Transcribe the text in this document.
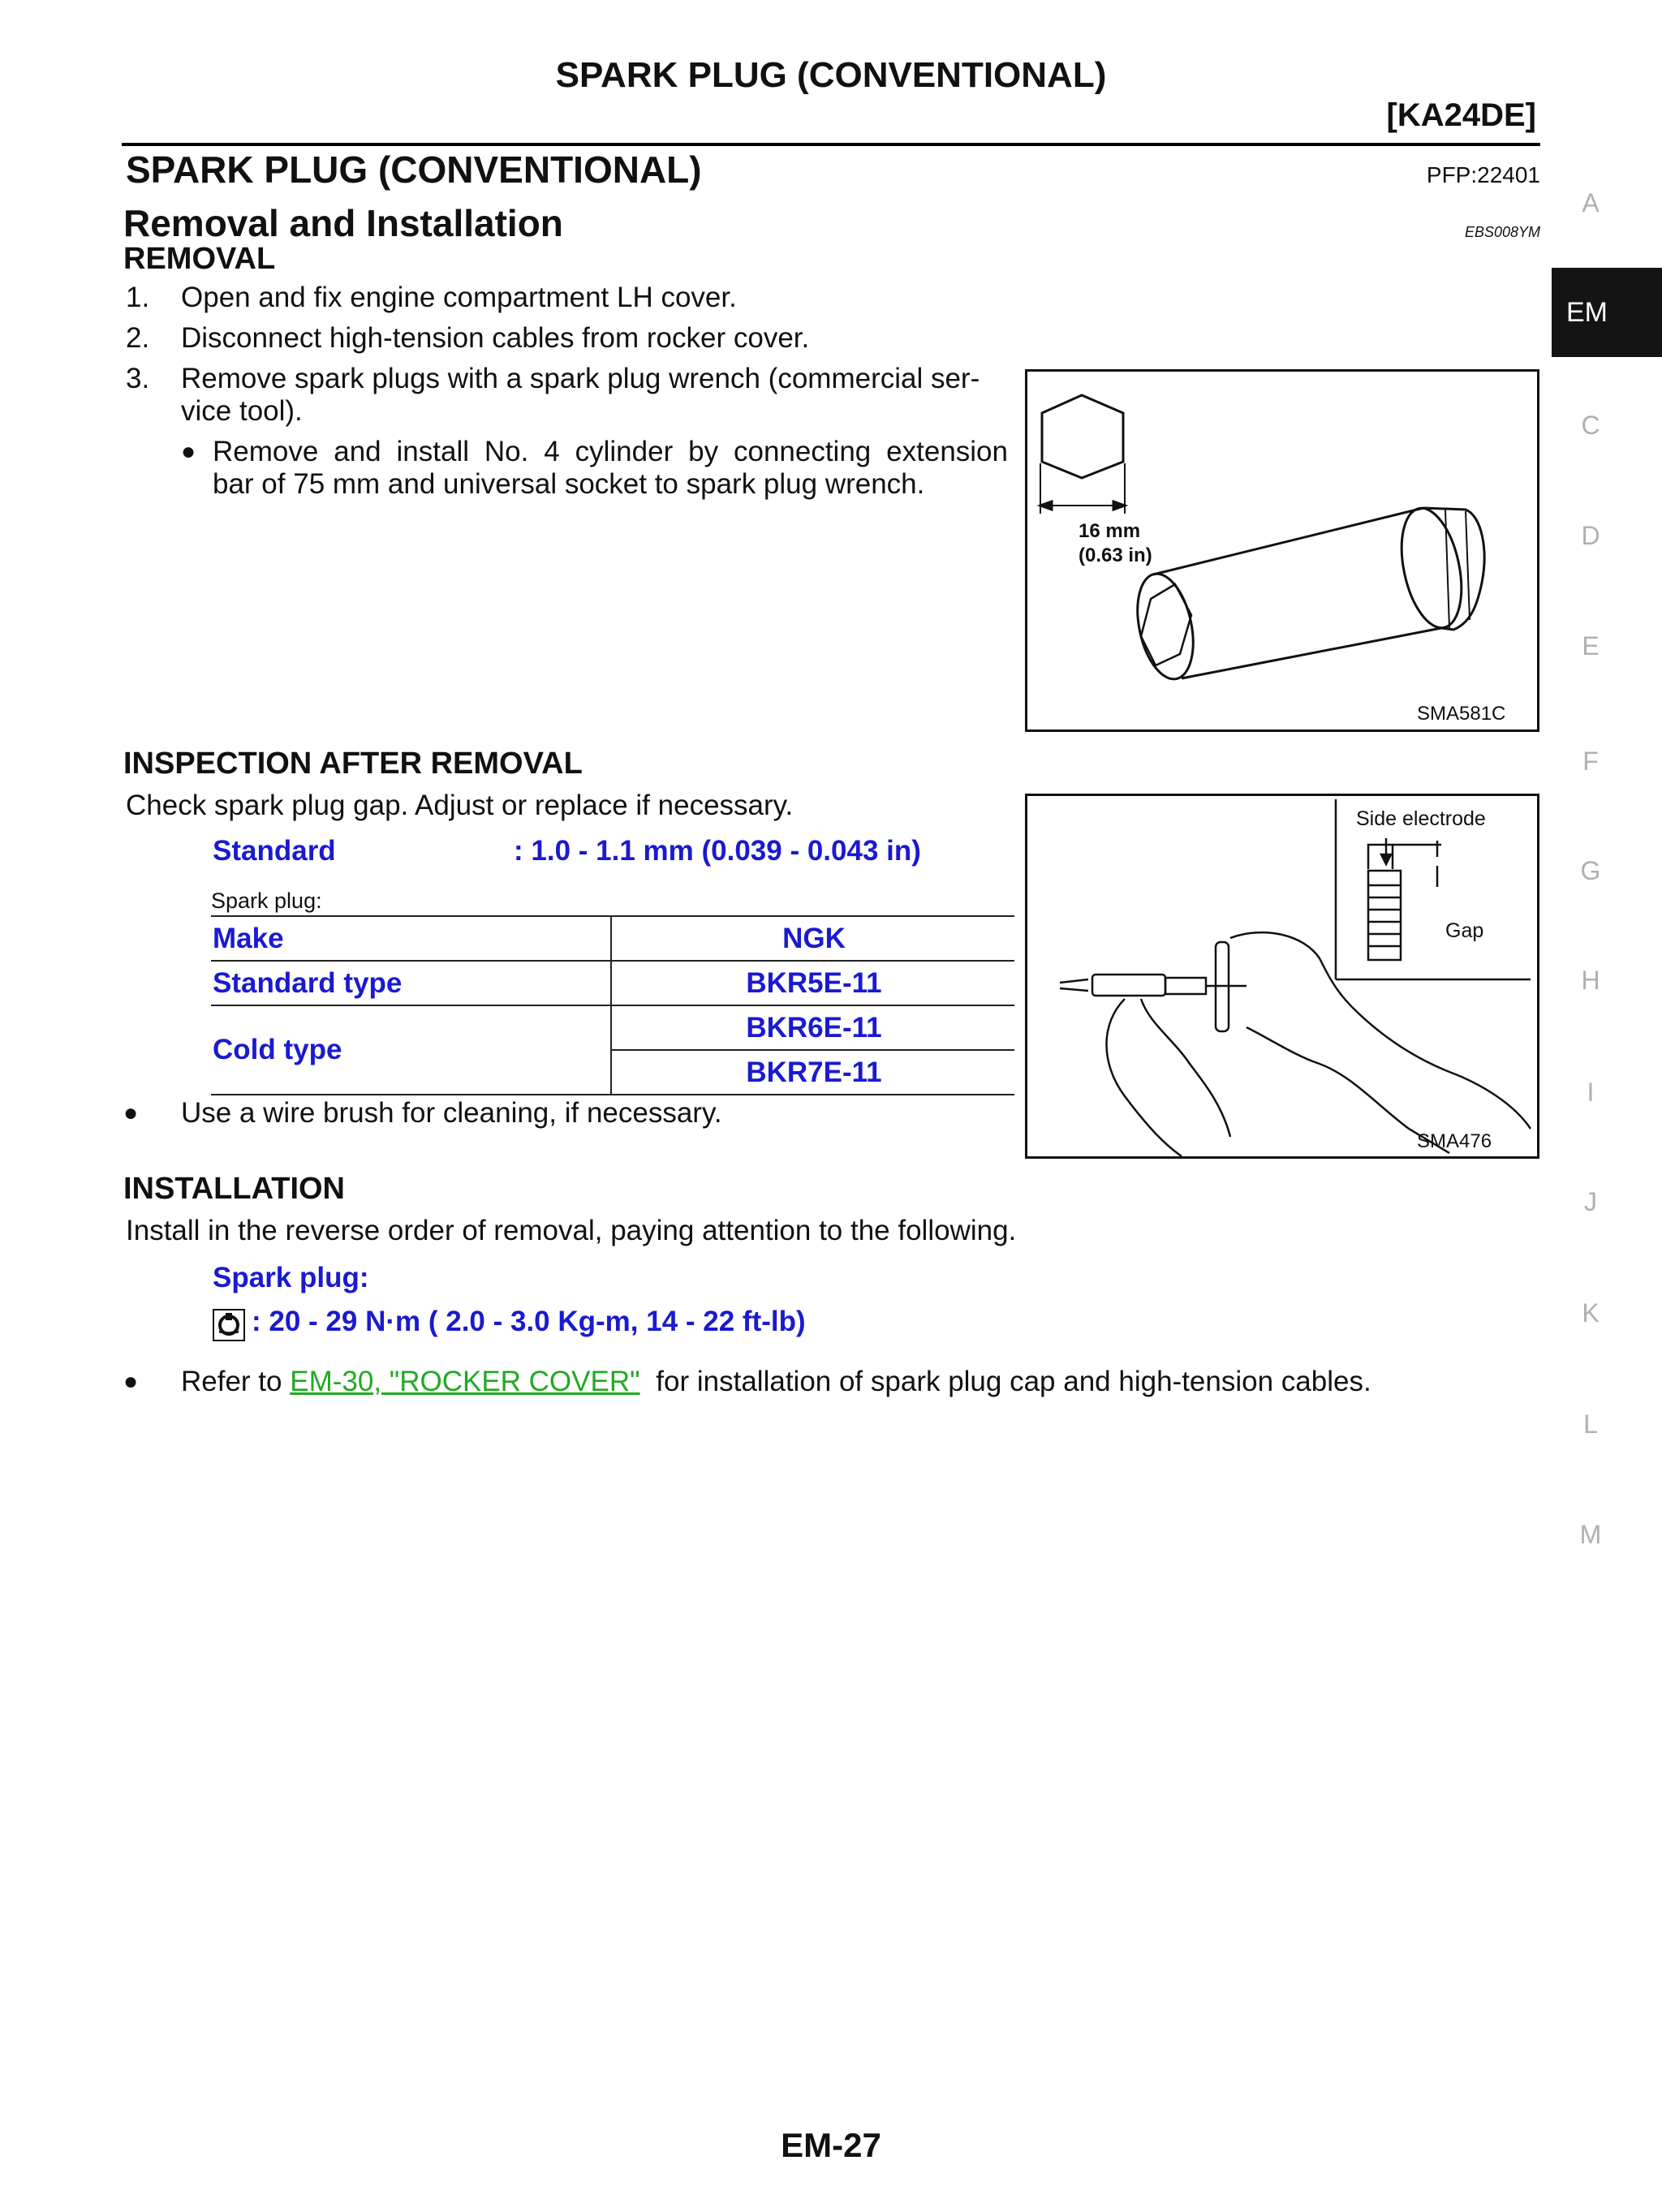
SPARK PLUG (CONVENTIONAL)
[KA24DE]
SPARK PLUG (CONVENTIONAL)	PFP:22401
Removal and Installation	EBS008YM
REMOVAL
1. Open and fix engine compartment LH cover.
2. Disconnect high-tension cables from rocker cover.
3. Remove spark plugs with a spark plug wrench (commercial ser-
vice tool).
● Remove and install No. 4 cylinder by connecting extension
bar of 75 mm and universal socket to spark plug wrench.
16 mm
(0.63 in)
SMA581C
INSPECTION AFTER REMOVAL
Check spark plug gap. Adjust or replace if necessary.
Standard	: 1.0 - 1.1 mm (0.039 - 0.043 in)
Spark plug:
Make	NGK
Standard type	BKR5E-11
Cold type	BKR6E-11
	BKR7E-11
● Use a wire brush for cleaning, if necessary.
Side electrode
Gap
SMA476
INSTALLATION
Install in the reverse order of removal, paying attention to the following.
Spark plug:
: 20 - 29 N·m ( 2.0 - 3.0 Kg-m, 14 - 22 ft-lb)
● Refer to EM-30, "ROCKER COVER" for installation of spark plug cap and high-tension cables.
A
EM
C
D
E
F
G
H
I
J
K
L
M
EM-27
